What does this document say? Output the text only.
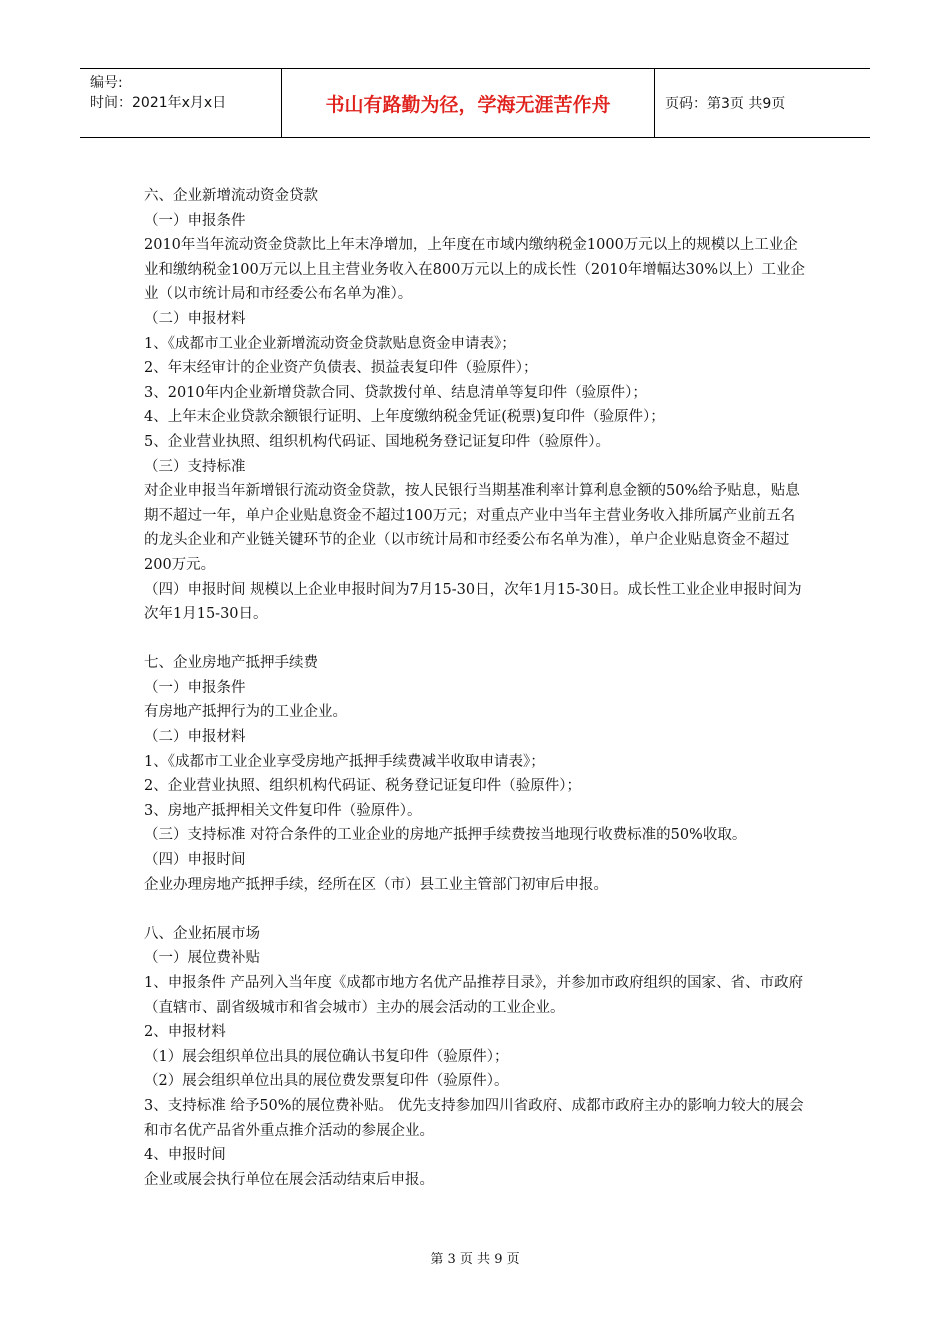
编号:
时间：2021年x月x日	书山有路勤为径，学海无涯苦作舟	页码：第3页 共9页

六、企业新增流动资金贷款

（一）申报条件

2010年当年流动资金贷款比上年末净增加，上年度在市域内缴纳税金1000万元以上的规模以上工业企业和缴纳税金100万元以上且主营业务收入在800万元以上的成长性（2010年增幅达30%以上）工业企业（以市统计局和市经委公布名单为准）。

（二）申报材料

1、《成都市工业企业新增流动资金贷款贴息资金申请表》；

2、年末经审计的企业资产负债表、损益表复印件（验原件）；

3、2010年内企业新增贷款合同、贷款拨付单、结息清单等复印件（验原件）；

4、上年末企业贷款余额银行证明、上年度缴纳税金凭证(税票)复印件（验原件）；

5、企业营业执照、组织机构代码证、国地税务登记证复印件（验原件）。

（三）支持标准

对企业申报当年新增银行流动资金贷款，按人民银行当期基准利率计算利息金额的50%给予贴息，贴息期不超过一年，单户企业贴息资金不超过100万元；对重点产业中当年主营业务收入排所属产业前五名的龙头企业和产业链关键环节的企业（以市统计局和市经委公布名单为准），单户企业贴息资金不超过200万元。

（四）申报时间 规模以上企业申报时间为7月15-30日，次年1月15-30日。成长性工业企业申报时间为次年1月15-30日。

七、企业房地产抵押手续费

（一）申报条件

有房地产抵押行为的工业企业。

（二）申报材料

1、《成都市工业企业享受房地产抵押手续费减半收取申请表》；

2、企业营业执照、组织机构代码证、税务登记证复印件（验原件）；

3、房地产抵押相关文件复印件（验原件）。

（三）支持标准 对符合条件的工业企业的房地产抵押手续费按当地现行收费标准的50%收取。

（四）申报时间

企业办理房地产抵押手续，经所在区（市）县工业主管部门初审后申报。

八、企业拓展市场

（一）展位费补贴

1、申报条件 产品列入当年度《成都市地方名优产品推荐目录》，并参加市政府组织的国家、省、市政府（直辖市、副省级城市和省会城市）主办的展会活动的工业企业。

2、申报材料

（1）展会组织单位出具的展位确认书复印件（验原件）；

（2）展会组织单位出具的展位费发票复印件（验原件）。

3、支持标准 给予50%的展位费补贴。 优先支持参加四川省政府、成都市政府主办的影响力较大的展会和市名优产品省外重点推介活动的参展企业。

4、申报时间

企业或展会执行单位在展会活动结束后申报。

第 3 页 共 9 页
